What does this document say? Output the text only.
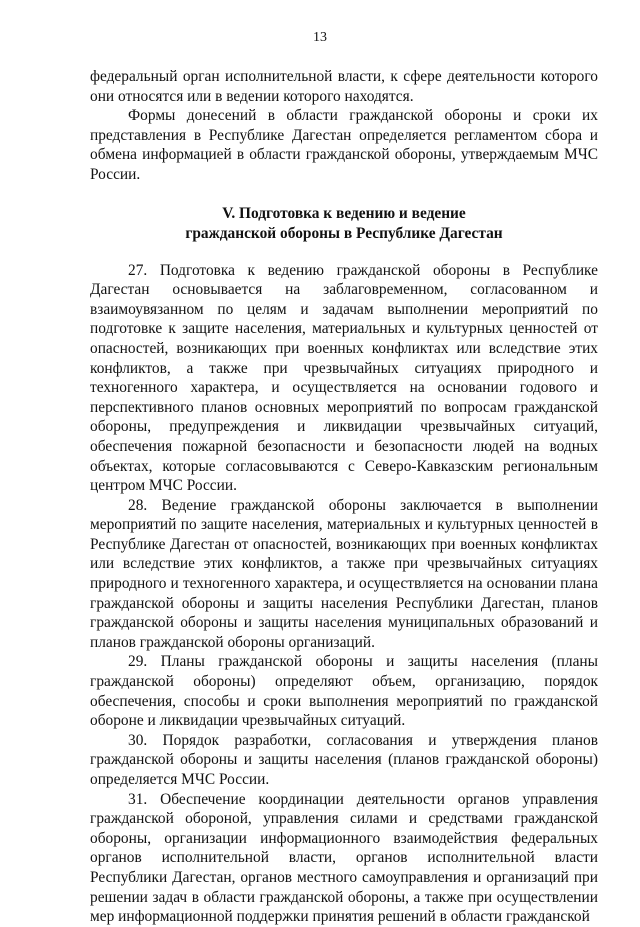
13

федеральный орган исполнительной власти, к сфере деятельности которого они относятся или в ведении которого находятся.

Формы донесений в области гражданской обороны и сроки их представления в Республике Дагестан определяется регламентом сбора и обмена информацией в области гражданской обороны, утверждаемым МЧС России.

V. Подготовка к ведению и ведение
гражданской обороны в Республике Дагестан

27. Подготовка к ведению гражданской обороны в Республике Дагестан основывается на заблаговременном, согласованном и взаимоувязанном по целям и задачам выполнении мероприятий по подготовке к защите населения, материальных и культурных ценностей от опасностей, возникающих при военных конфликтах или вследствие этих конфликтов, а также при чрезвычайных ситуациях природного и техногенного характера, и осуществляется на основании годового и перспективного планов основных мероприятий по вопросам гражданской обороны, предупреждения и ликвидации чрезвычайных ситуаций, обеспечения пожарной безопасности и безопасности людей на водных объектах, которые согласовываются с Северо-Кавказским региональным центром МЧС России.

28. Ведение гражданской обороны заключается в выполнении мероприятий по защите населения, материальных и культурных ценностей в Республике Дагестан от опасностей, возникающих при военных конфликтах или вследствие этих конфликтов, а также при чрезвычайных ситуациях природного и техногенного характера, и осуществляется на основании плана гражданской обороны и защиты населения Республики Дагестан, планов гражданской обороны и защиты населения муниципальных образований и планов гражданской обороны организаций.

29. Планы гражданской обороны и защиты населения (планы гражданской обороны) определяют объем, организацию, порядок обеспечения, способы и сроки выполнения мероприятий по гражданской обороне и ликвидации чрезвычайных ситуаций.

30. Порядок разработки, согласования и утверждения планов гражданской обороны и защиты населения (планов гражданской обороны) определяется МЧС России.

31. Обеспечение координации деятельности органов управления гражданской обороной, управления силами и средствами гражданской обороны, организации информационного взаимодействия федеральных органов исполнительной власти, органов исполнительной власти Республики Дагестан, органов местного самоуправления и организаций при решении задач в области гражданской обороны, а также при осуществлении мер информационной поддержки принятия решений в области гражданской
